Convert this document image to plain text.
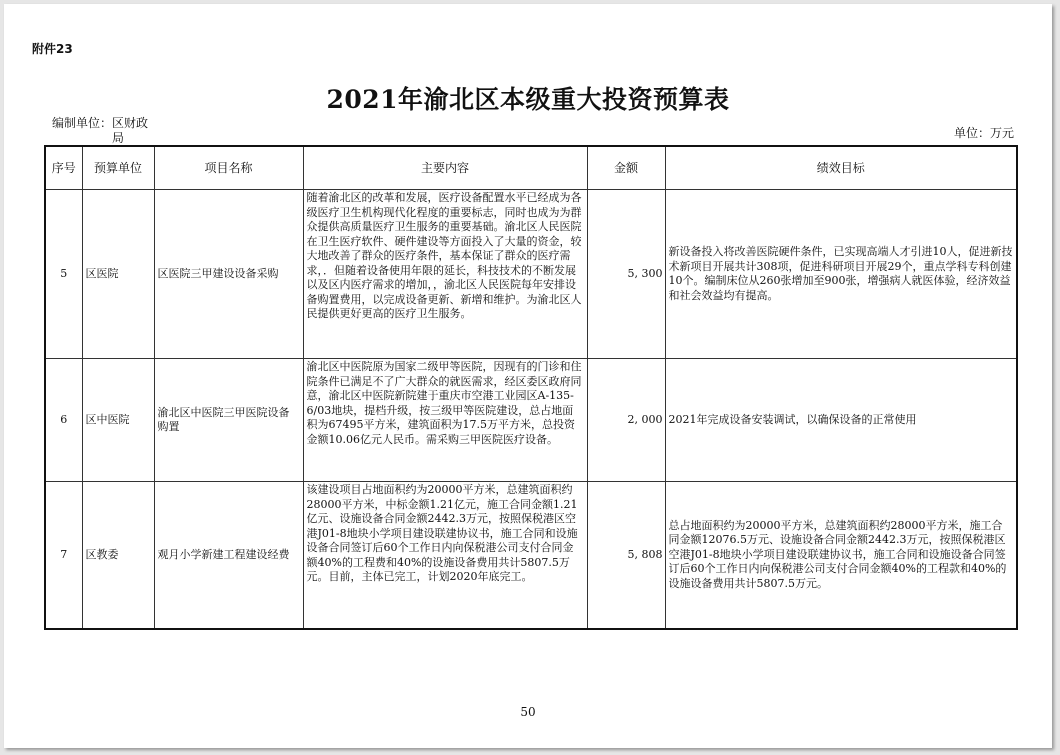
附件23
2021年渝北区本级重大投资预算表
编制单位： 区财政局	单位：万元
序号	预算单位	项目名称	主要内容	金额	绩效目标
5	区医院	区医院三甲建设设备采购	随着渝北区的改革和发展，医疗设备配置水平已经成为各级医疗卫生机构现代化程度的重要标志，同时也成为为群众提供高质量医疗卫生服务的重要基础。渝北区人民医院在卫生医疗软件、硬件建设等方面投入了大量的资金，较大地改善了群众的医疗条件，基本保证了群众的医疗需求，．但随着设备使用年限的延长，科技技术的不断发展以及区内医疗需求的增加，，渝北区人民医院每年安排设备购置费用，以完成设备更新、新增和维护。为渝北区人民提供更好更高的医疗卫生服务。	5, 300	新设备投入将改善医院硬件条件，已实现高端人才引进10人，促进新技术新项目开展共计308项，促进科研项目开展29个，重点学科专科创建10个。编制床位从260张增加至900张，增强病人就医体验，经济效益和社会效益均有提高。
6	区中医院	渝北区中医院三甲医院设备购置	渝北区中医院原为国家二级甲等医院，因现有的门诊和住院条件已满足不了广大群众的就医需求，经区委区政府同意，渝北区中医院新院建于重庆市空港工业园区A-135-6/03地块，提档升级，按三级甲等医院建设，总占地面积为67495平方米，建筑面积为17.5万平方米，总投资金额10.06亿元人民币。需采购三甲医院医疗设备。	2, 000	2021年完成设备安装调试，以确保设备的正常使用
7	区教委	观月小学新建工程建设经费	该建设项目占地面积约为20000平方米，总建筑面积约28000平方米，中标金额1.21亿元，施工合同金额1.21亿元、设施设备合同金额2442.3万元，按照保税港区空港J01-8地块小学项目建设联建协议书，施工合同和设施设备合同签订后60个工作日内向保税港公司支付合同金额40%的工程费和40%的设施设备费用共计5807.5万元。目前，主体已完工，计划2020年底完工。	5, 808	总占地面积约为20000平方米，总建筑面积约28000平方米，施工合同金额12076.5万元、设施设备合同金额2442.3万元，按照保税港区空港J01-8地块小学项目建设联建协议书，施工合同和设施设备合同签订后60个工作日内向保税港公司支付合同金额40%的工程款和40%的设施设备费用共计5807.5万元。
50
